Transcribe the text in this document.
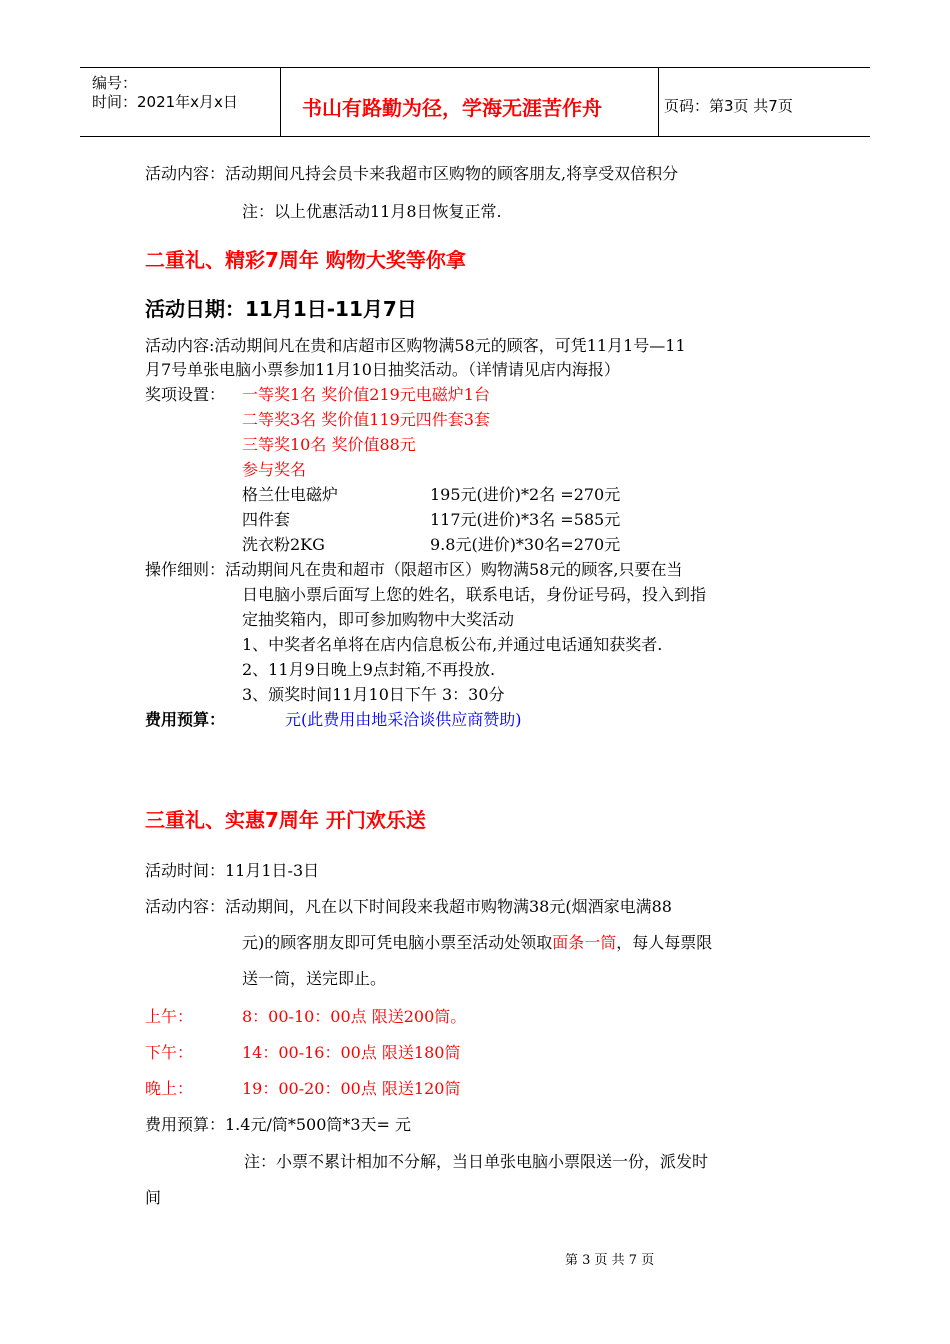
编号：
时间：2021年x月x日	书山有路勤为径，学海无涯苦作舟	页码：第3页 共7页
活动内容：活动期间凡持会员卡来我超市区购物的顾客朋友,将享受双倍积分
注：以上优惠活动11月8日恢复正常.
二重礼、精彩7周年 购物大奖等你拿
活动日期：11月1日-11月7日
活动内容:活动期间凡在贵和店超市区购物满58元的顾客，可凭11月1号—11
月7号单张电脑小票参加11月10日抽奖活动。（详情请见店内海报）
奖项设置： 一等奖1名 奖价值219元电磁炉1台
二等奖3名 奖价值119元四件套3套
三等奖10名 奖价值88元
参与奖名
格兰仕电磁炉	195元(进价)*2名 =270元
四件套	117元(进价)*3名 =585元
洗衣粉2KG	9.8元(进价)*30名=270元
操作细则：活动期间凡在贵和超市（限超市区）购物满58元的顾客,只要在当
日电脑小票后面写上您的姓名，联系电话，身份证号码，投入到指
定抽奖箱内，即可参加购物中大奖活动
1、中奖者名单将在店内信息板公布,并通过电话通知获奖者.
2、11月9日晚上9点封箱,不再投放.
3、颁奖时间11月10日下午 3：30分
费用预算：	元(此费用由地采洽谈供应商赞助)
三重礼、实惠7周年 开门欢乐送
活动时间：11月1日-3日
活动内容：活动期间，凡在以下时间段来我超市购物满38元(烟酒家电满88
元)的顾客朋友即可凭电脑小票至活动处领取面条一筒，每人每票限
送一筒，送完即止。
上午：	8：00-10：00点 限送200筒。
下午：	14：00-16：00点 限送180筒
晚上：	19：00-20：00点 限送120筒
费用预算：1.4元/筒*500筒*3天= 元
注：小票不累计相加不分解，当日单张电脑小票限送一份，派发时
间
第 3 页 共 7 页
